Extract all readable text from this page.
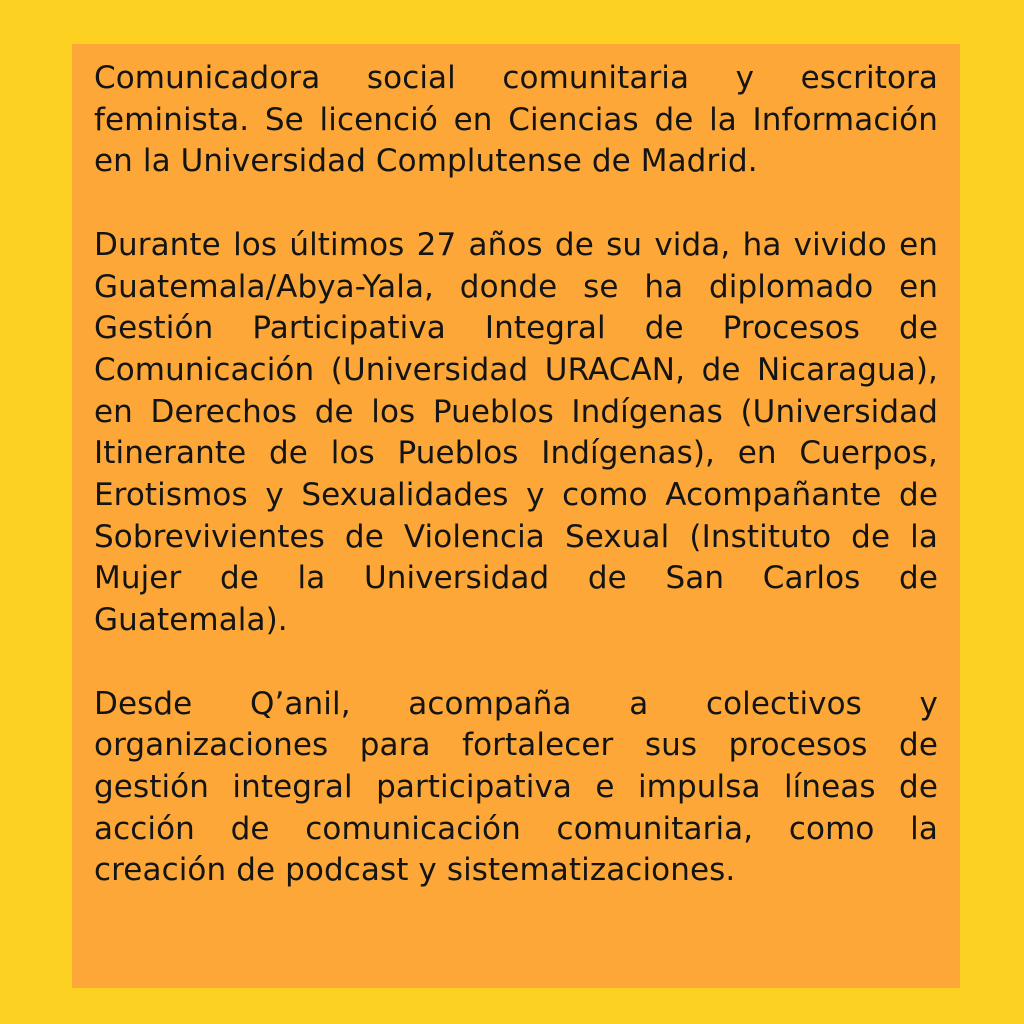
Comunicadora social comunitaria y escritora feminista. Se licenció en Ciencias de la Información en la Universidad Complutense de Madrid.

Durante los últimos 27 años de su vida, ha vivido en Guatemala/Abya-Yala, donde se ha diplomado en Gestión Participativa Integral de Procesos de Comunicación (Universidad URACAN, de Nicaragua), en Derechos de los Pueblos Indígenas (Universidad Itinerante de los Pueblos Indígenas), en Cuerpos, Erotismos y Sexualidades y como Acompañante de Sobrevivientes de Violencia Sexual (Instituto de la Mujer de la Universidad de San Carlos de Guatemala).

Desde Q’anil, acompaña a colectivos y organizaciones para fortalecer sus procesos de gestión integral participativa e impulsa líneas de acción de comunicación comunitaria, como la creación de podcast y sistematizaciones.
